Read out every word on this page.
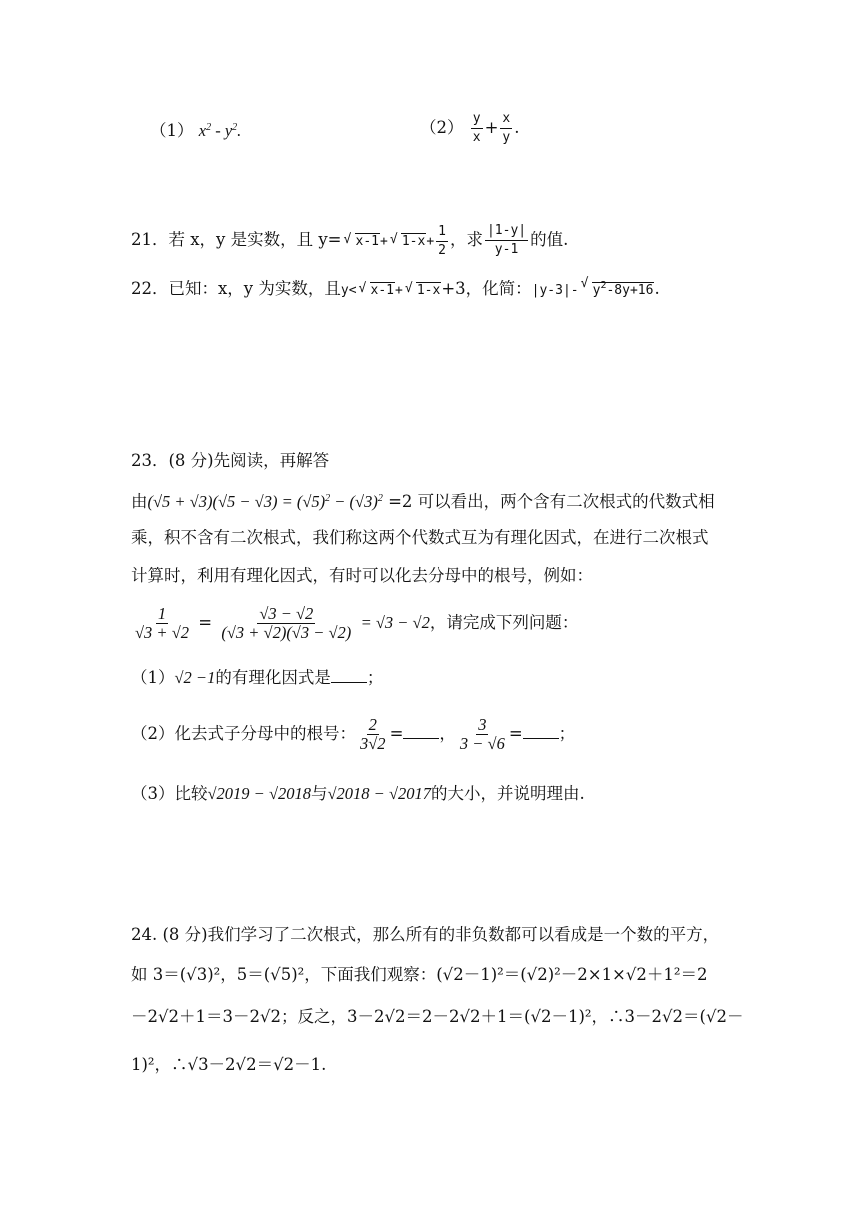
（1） $x^2 - y^2$.	$(2) \frac{y}{x} + \frac{x}{y}$ .
21．若 x，y 是实数，且 y= √ x-1+ √ $1-x+ \frac{1}{2}$ ，求 $\frac{|1-y|}{y-1}$ 的值.
22．已知：x，y 为实数，且y< √ x-1+ √ 1-x+3，化简：|y-3|- √ $y^2-8y+16$.
23．(8 分)先阅读，再解答
由$(√5 + √3)(√5 - √3) = (√5)^2 - (√3)^2 =2$ 可以看出，两个含有二次根式的代数式相
乘，积不含有二次根式，我们称这两个代数式互为有理化因式，在进行二次根式
计算时，利用有理化因式，有时可以化去分母中的根号，例如：
$\frac{1}{√3 + √2} = \frac{√3 - √2}{(√3 + √2)(√3 - √2)} = √3 - √2$，请完成下列问题：
（1）√2 −1的有理化因式是 ；
（2）化去式子分母中的根号： $\frac{2}{3√2}$ = ， $\frac{3}{3 - √6}$ = ；
（3）比较√2019 − √2018与√2018 − √2017的大小，并说明理由.
24. (8 分)我们学习了二次根式，那么所有的非负数都可以看成是一个数的平方，
如 3＝(√3)²，5＝(√5)²，下面我们观察：(√2－1)²＝(√2)²－2×1×√2＋1²＝2
－2√2＋1＝3－2√2；反之，3－2√2＝2－2√2＋1＝(√2－1)²，∴3－2√2＝(√2－
1)²，∴√3－2√2＝√2－1.
